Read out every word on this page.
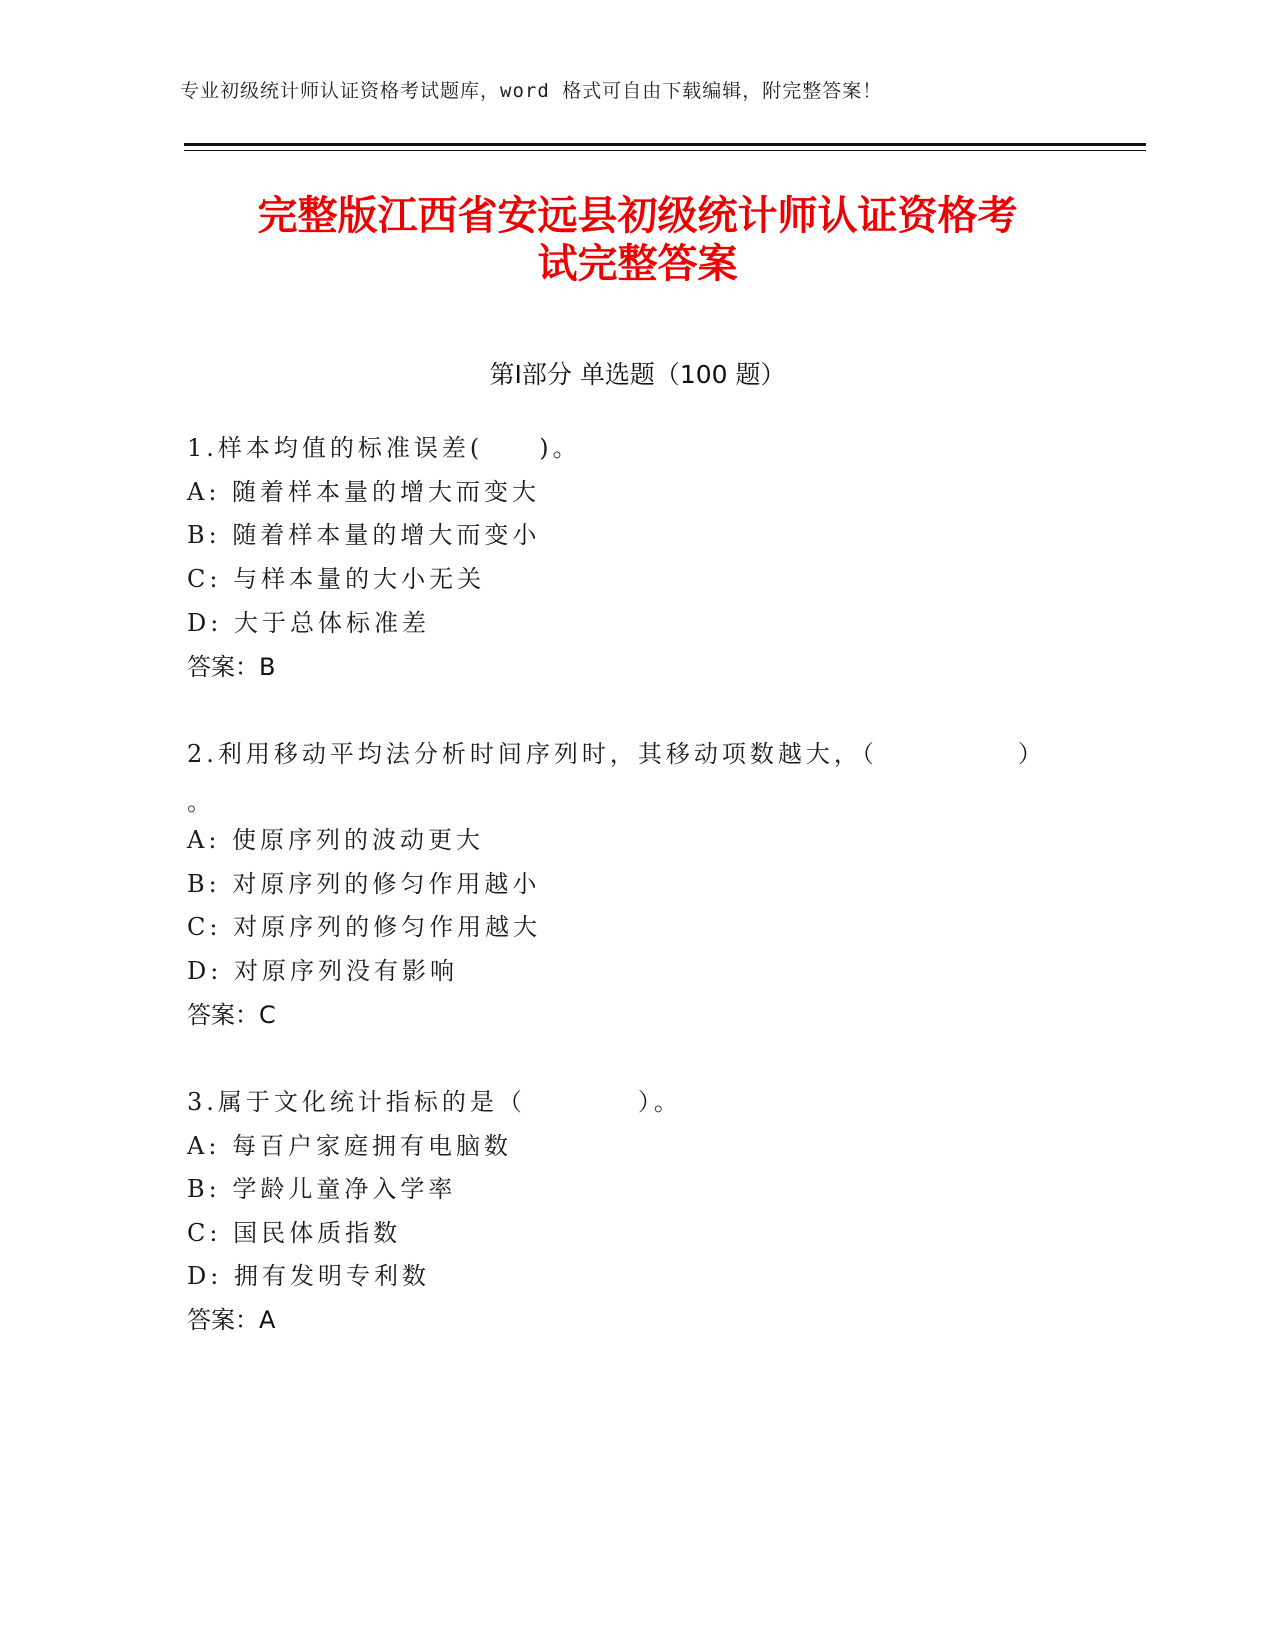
专业初级统计师认证资格考试题库，word 格式可自由下载编辑，附完整答案！
完整版江西省安远县初级统计师认证资格考
试完整答案
第Ⅰ部分 单选题（100 题）
1.样本均值的标准误差(　　)。
A: 随着样本量的增大而变大
B: 随着样本量的增大而变小
C: 与样本量的大小无关
D: 大于总体标准差
答案：B
2.利用移动平均法分析时间序列时，其移动项数越大，（　　　　　）
。
A: 使原序列的波动更大
B: 对原序列的修匀作用越小
C: 对原序列的修匀作用越大
D: 对原序列没有影响
答案：C
3.属于文化统计指标的是（　　　　）。
A: 每百户家庭拥有电脑数
B: 学龄儿童净入学率
C: 国民体质指数
D: 拥有发明专利数
答案：A
